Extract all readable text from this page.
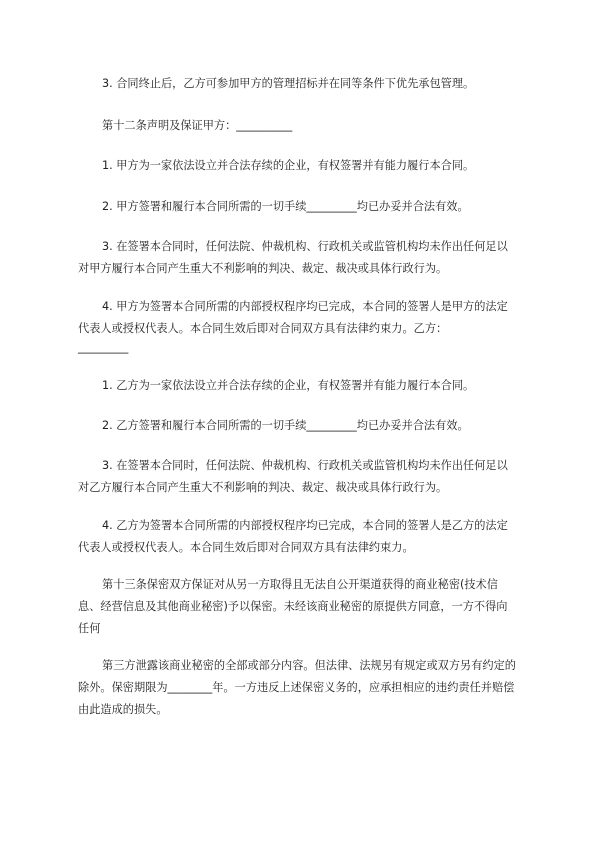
3. 合同终止后，乙方可参加甲方的管理招标并在同等条件下优先承包管理。

第十二条声明及保证甲方：__________

1. 甲方为一家依法设立并合法存续的企业，有权签署并有能力履行本合同。

2. 甲方签署和履行本合同所需的一切手续_________均已办妥并合法有效。

3. 在签署本合同时，任何法院、仲裁机构、行政机关或监管机构均未作出任何足以对甲方履行本合同产生重大不利影响的判决、裁定、裁决或具体行政行为。

4. 甲方为签署本合同所需的内部授权程序均已完成，本合同的签署人是甲方的法定代表人或授权代表人。本合同生效后即对合同双方具有法律约束力。乙方：

_________

1. 乙方为一家依法设立并合法存续的企业，有权签署并有能力履行本合同。

2. 乙方签署和履行本合同所需的一切手续_________均已办妥并合法有效。

3. 在签署本合同时，任何法院、仲裁机构、行政机关或监管机构均未作出任何足以对乙方履行本合同产生重大不利影响的判决、裁定、裁决或具体行政行为。

4. 乙方为签署本合同所需的内部授权程序均已完成，本合同的签署人是乙方的法定代表人或授权代表人。本合同生效后即对合同双方具有法律约束力。

第十三条保密双方保证对从另一方取得且无法自公开渠道获得的商业秘密(技术信息、经营信息及其他商业秘密)予以保密。未经该商业秘密的原提供方同意，一方不得向任何

第三方泄露该商业秘密的全部或部分内容。但法律、法规另有规定或双方另有约定的除外。保密期限为________年。一方违反上述保密义务的，应承担相应的违约责任并赔偿由此造成的损失。
